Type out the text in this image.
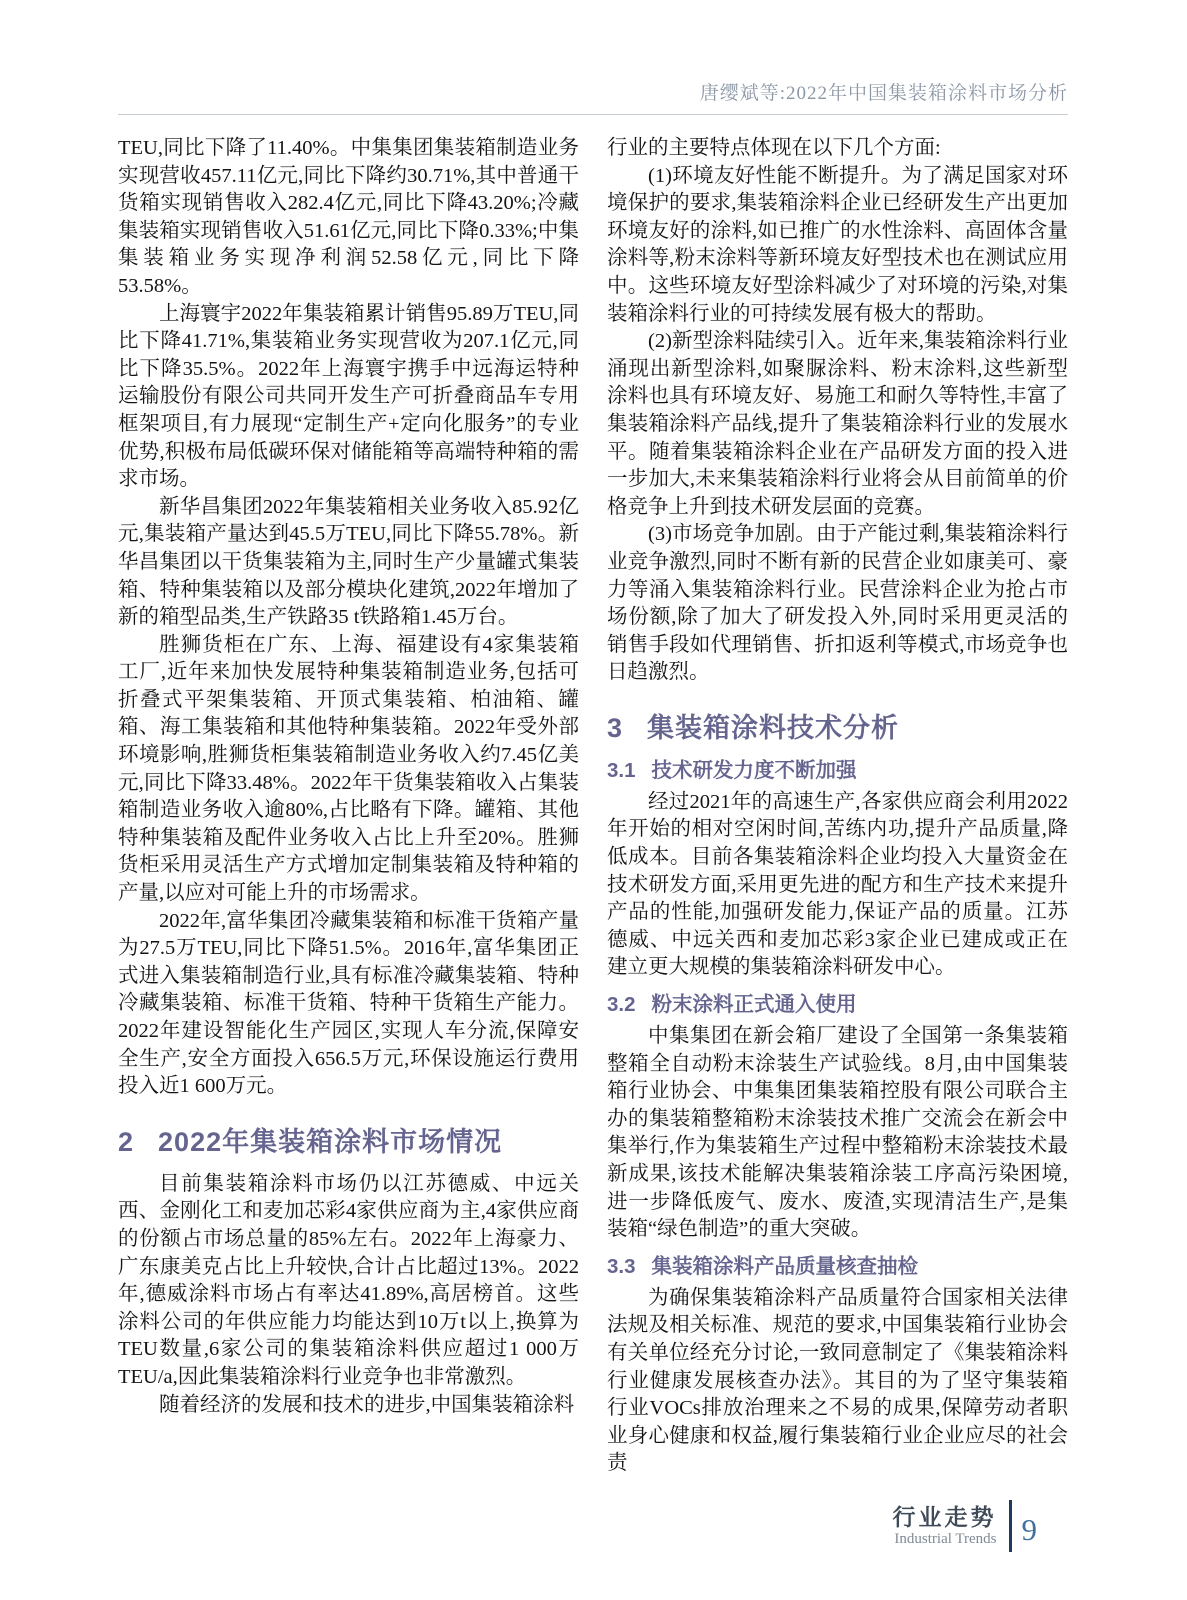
唐缨斌等:2022年中国集装箱涂料市场分析

TEU,同比下降了11.40%。中集集团集装箱制造业务实现营收457.11亿元,同比下降约30.71%,其中普通干货箱实现销售收入282.4亿元,同比下降43.20%;冷藏集装箱实现销售收入51.61亿元,同比下降0.33%;中集集装箱业务实现净利润52.58亿元,同比下降53.58%。

上海寰宇2022年集装箱累计销售95.89万TEU,同比下降41.71%,集装箱业务实现营收为207.1亿元,同比下降35.5%。2022年上海寰宇携手中远海运特种运输股份有限公司共同开发生产可折叠商品车专用框架项目,有力展现“定制生产+定向化服务”的专业优势,积极布局低碳环保对储能箱等高端特种箱的需求市场。

新华昌集团2022年集装箱相关业务收入85.92亿元,集装箱产量达到45.5万TEU,同比下降55.78%。新华昌集团以干货集装箱为主,同时生产少量罐式集装箱、特种集装箱以及部分模块化建筑,2022年增加了新的箱型品类,生产铁路35 t铁路箱1.45万台。

胜狮货柜在广东、上海、福建设有4家集装箱工厂,近年来加快发展特种集装箱制造业务,包括可折叠式平架集装箱、开顶式集装箱、柏油箱、罐箱、海工集装箱和其他特种集装箱。2022年受外部环境影响,胜狮货柜集装箱制造业务收入约7.45亿美元,同比下降33.48%。2022年干货集装箱收入占集装箱制造业务收入逾80%,占比略有下降。罐箱、其他特种集装箱及配件业务收入占比上升至20%。胜狮货柜采用灵活生产方式增加定制集装箱及特种箱的产量,以应对可能上升的市场需求。

2022年,富华集团冷藏集装箱和标准干货箱产量为27.5万TEU,同比下降51.5%。2016年,富华集团正式进入集装箱制造行业,具有标准冷藏集装箱、特种冷藏集装箱、标准干货箱、特种干货箱生产能力。2022年建设智能化生产园区,实现人车分流,保障安全生产,安全方面投入656.5万元,环保设施运行费用投入近1 600万元。

2 2022年集装箱涂料市场情况

目前集装箱涂料市场仍以江苏德威、中远关西、金刚化工和麦加芯彩4家供应商为主,4家供应商的份额占市场总量的85%左右。2022年上海豪力、广东康美克占比上升较快,合计占比超过13%。2022年,德威涂料市场占有率达41.89%,高居榜首。这些涂料公司的年供应能力均能达到10万t以上,换算为TEU数量,6家公司的集装箱涂料供应超过1 000万TEU/a,因此集装箱涂料行业竞争也非常激烈。

随着经济的发展和技术的进步,中国集装箱涂料

行业的主要特点体现在以下几个方面:

(1)环境友好性能不断提升。为了满足国家对环境保护的要求,集装箱涂料企业已经研发生产出更加环境友好的涂料,如已推广的水性涂料、高固体含量涂料等,粉末涂料等新环境友好型技术也在测试应用中。这些环境友好型涂料减少了对环境的污染,对集装箱涂料行业的可持续发展有极大的帮助。

(2)新型涂料陆续引入。近年来,集装箱涂料行业涌现出新型涂料,如聚脲涂料、粉末涂料,这些新型涂料也具有环境友好、易施工和耐久等特性,丰富了集装箱涂料产品线,提升了集装箱涂料行业的发展水平。随着集装箱涂料企业在产品研发方面的投入进一步加大,未来集装箱涂料行业将会从目前简单的价格竞争上升到技术研发层面的竞赛。

(3)市场竞争加剧。由于产能过剩,集装箱涂料行业竞争激烈,同时不断有新的民营企业如康美可、豪力等涌入集装箱涂料行业。民营涂料企业为抢占市场份额,除了加大了研发投入外,同时采用更灵活的销售手段如代理销售、折扣返利等模式,市场竞争也日趋激烈。

3 集装箱涂料技术分析
3.1 技术研发力度不断加强

经过2021年的高速生产,各家供应商会利用2022年开始的相对空闲时间,苦练内功,提升产品质量,降低成本。目前各集装箱涂料企业均投入大量资金在技术研发方面,采用更先进的配方和生产技术来提升产品的性能,加强研发能力,保证产品的质量。江苏德威、中远关西和麦加芯彩3家企业已建成或正在建立更大规模的集装箱涂料研发中心。

3.2 粉末涂料正式通入使用

中集集团在新会箱厂建设了全国第一条集装箱整箱全自动粉末涂装生产试验线。8月,由中国集装箱行业协会、中集集团集装箱控股有限公司联合主办的集装箱整箱粉末涂装技术推广交流会在新会中集举行,作为集装箱生产过程中整箱粉末涂装技术最新成果,该技术能解决集装箱涂装工序高污染困境,进一步降低废气、废水、废渣,实现清洁生产,是集装箱“绿色制造”的重大突破。

3.3 集装箱涂料产品质量核查抽检

为确保集装箱涂料产品质量符合国家相关法律法规及相关标准、规范的要求,中国集装箱行业协会有关单位经充分讨论,一致同意制定了《集装箱涂料行业健康发展核查办法》。其目的为了坚守集装箱行业VOCs排放治理来之不易的成果,保障劳动者职业身心健康和权益,履行集装箱行业企业应尽的社会责

行业走势
Industrial Trends 9
